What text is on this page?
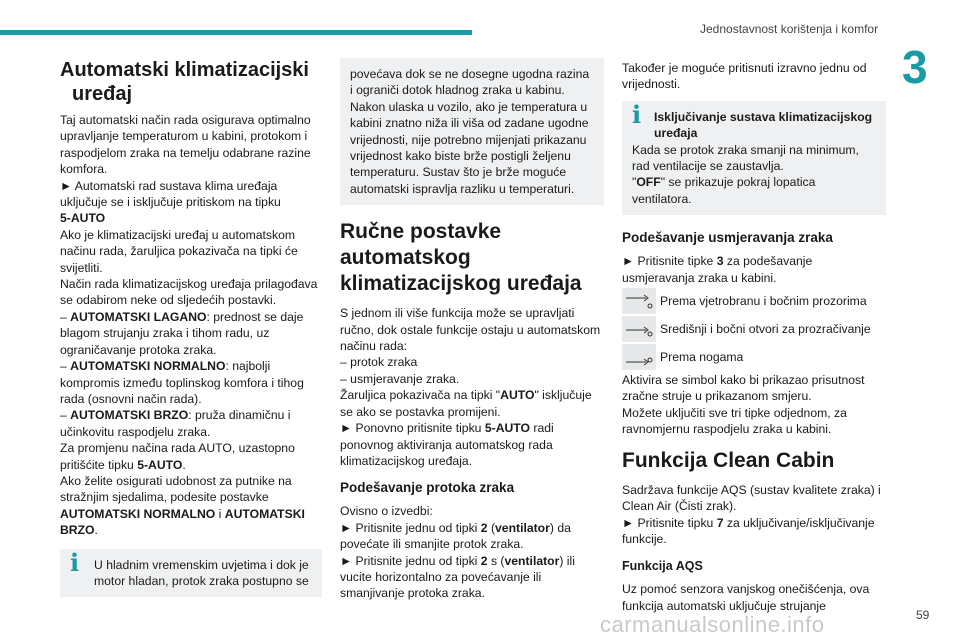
Jednostavnost korištenja i komfor
3
Automatski klimatizacijski
uređaj

Taj automatski način rada osigurava optimalno upravljanje temperaturom u kabini, protokom i raspodjelom zraka na temelju odabrane razine komfora.

► Automatski rad sustava klima uređaja uključuje se i isključuje pritiskom na tipku
5-AUTO

Ako je klimatizacijski uređaj u automatskom načinu rada, žaruljica pokazivača na tipki će svijetliti.

Način rada klimatizacijskog uređaja prilagođava se odabirom neke od sljedećih postavki.

– AUTOMATSKI LAGANO: prednost se daje blagom strujanju zraka i tihom radu, uz ograničavanje protoka zraka.

– AUTOMATSKI NORMALNO: najbolji kompromis između toplinskog komfora i tihog rada (osnovni način rada).

– AUTOMATSKI BRZO: pruža dinamičnu i učinkovitu raspodjelu zraka.

Za promjenu načina rada AUTO, uzastopno pritišćite tipku 5-AUTO.

Ako želite osigurati udobnost za putnike na stražnjim sjedalima, podesite postavke AUTOMATSKI NORMALNO i AUTOMATSKI BRZO.

i U hladnim vremenskim uvjetima i dok je motor hladan, protok zraka postupno se

povećava dok se ne dosegne ugodna razina i ograniči dotok hladnog zraka u kabinu. Nakon ulaska u vozilo, ako je temperatura u kabini znatno niža ili viša od zadane ugodne vrijednosti, nije potrebno mijenjati prikazanu vrijednost kako biste brže postigli željenu temperaturu. Sustav što je brže moguće automatski ispravlja razliku u temperaturi.

Ručne postavke automatskog klimatizacijskog uređaja

S jednom ili više funkcija može se upravljati ručno, dok ostale funkcije ostaju u automatskom načinu rada:

– protok zraka

– usmjeravanje zraka.

Žaruljica pokazivača na tipki "AUTO" isključuje se ako se postavka promijeni.

► Ponovno pritisnite tipku 5-AUTO radi ponovnog aktiviranja automatskog rada klimatizacijskog uređaja.

Podešavanje protoka zraka

Ovisno o izvedbi:

► Pritisnite jednu od tipki 2 (ventilator) da povećate ili smanjite protok zraka.

► Pritisnite jednu od tipki 2 s (ventilator) ili vucite horizontalno za povećavanje ili smanjivanje protoka zraka.

Također je moguće pritisnuti izravno jednu od vrijednosti.

i	Isključivanje sustava klimatizacijskog uređaja

Kada se protok zraka smanji na minimum, rad ventilacije se zaustavlja.

"OFF" se prikazuje pokraj lopatica ventilatora.

Podešavanje usmjeravanja zraka

► Pritisnite tipke 3 za podešavanje usmjeravanja zraka u kabini.

Prema vjetrobranu i bočnim prozorima
Središnji i bočni otvori za prozračivanje
Prema nogama

Aktivira se simbol kako bi prikazao prisutnost zračne struje u prikazanom smjeru.

Možete uključiti sve tri tipke odjednom, za ravnomjernu raspodjelu zraka u kabini.

Funkcija Clean Cabin

Sadržava funkcije AQS (sustav kvalitete zraka) i Clean Air (Čisti zrak).

► Pritisnite tipku 7 za uključivanje/isključivanje funkcije.

Funkcija AQS

Uz pomoć senzora vanjskog onečišćenja, ova funkcija automatski uključuje strujanje

carmanualsonline.info	59
